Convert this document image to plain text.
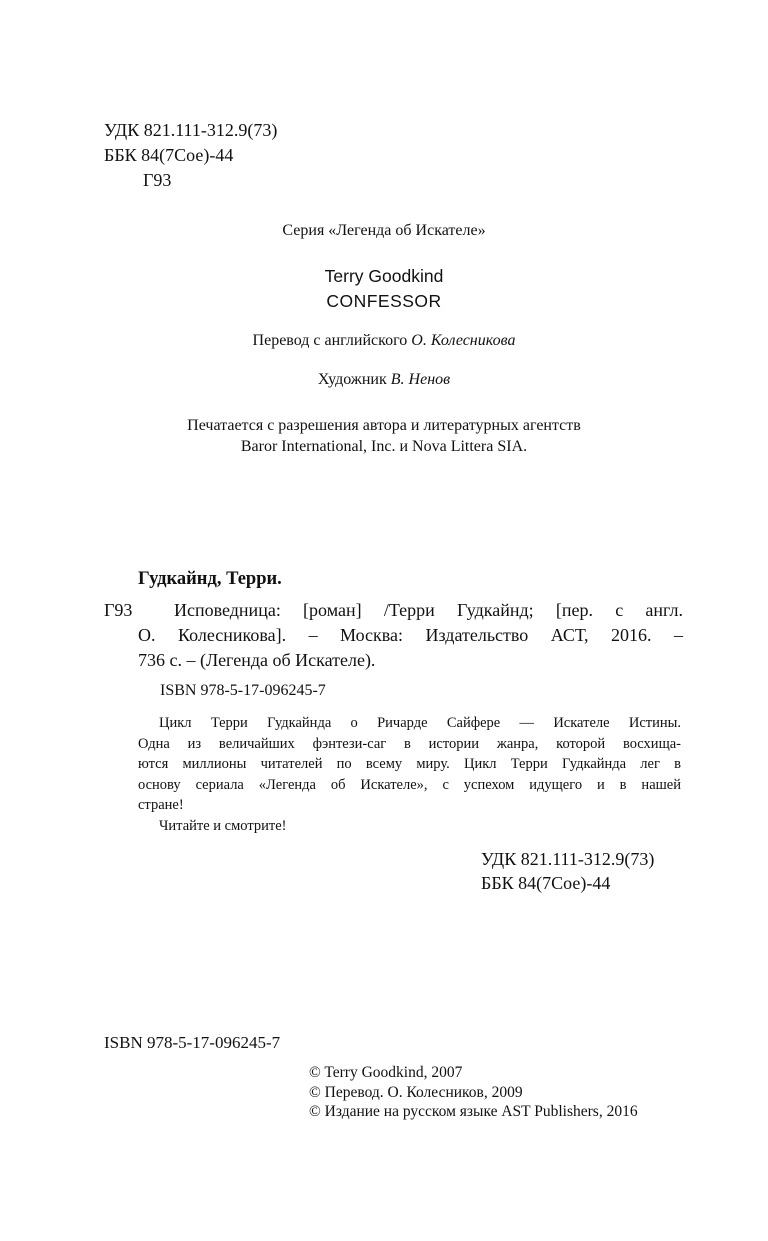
УДК 821.111-312.9(73)
ББК 84(7Сое)-44
Г93
Серия «Легенда об Искателе»
Terry Goodkind
CONFESSOR
Перевод с английского О. Колесникова
Художник В. Ненов
Печатается с разрешения автора и литературных агентств
Baror International, Inc. и Nova Littera SIA.
Гудкайнд, Терри.
Г93 Исповедница: [роман] /Терри Гудкайнд; [пер. с англ.
О. Колесникова]. – Москва: Издательство АСТ, 2016. –
736 с. – (Легенда об Искателе).
ISBN 978-5-17-096245-7
Цикл Терри Гудкайнда о Ричарде Сайфере — Искателе Истины.
Одна из величайших фэнтези-саг в истории жанра, которой восхища-
ются миллионы читателей по всему миру. Цикл Терри Гудкайнда лег в
основу сериала «Легенда об Искателе», с успехом идущего и в нашей
стране!
Читайте и смотрите!
УДК 821.111-312.9(73)
ББК 84(7Сое)-44
ISBN 978-5-17-096245-7
© Terry Goodkind, 2007
© Перевод. О. Колесников, 2009
© Издание на русском языке AST Publishers, 2016
